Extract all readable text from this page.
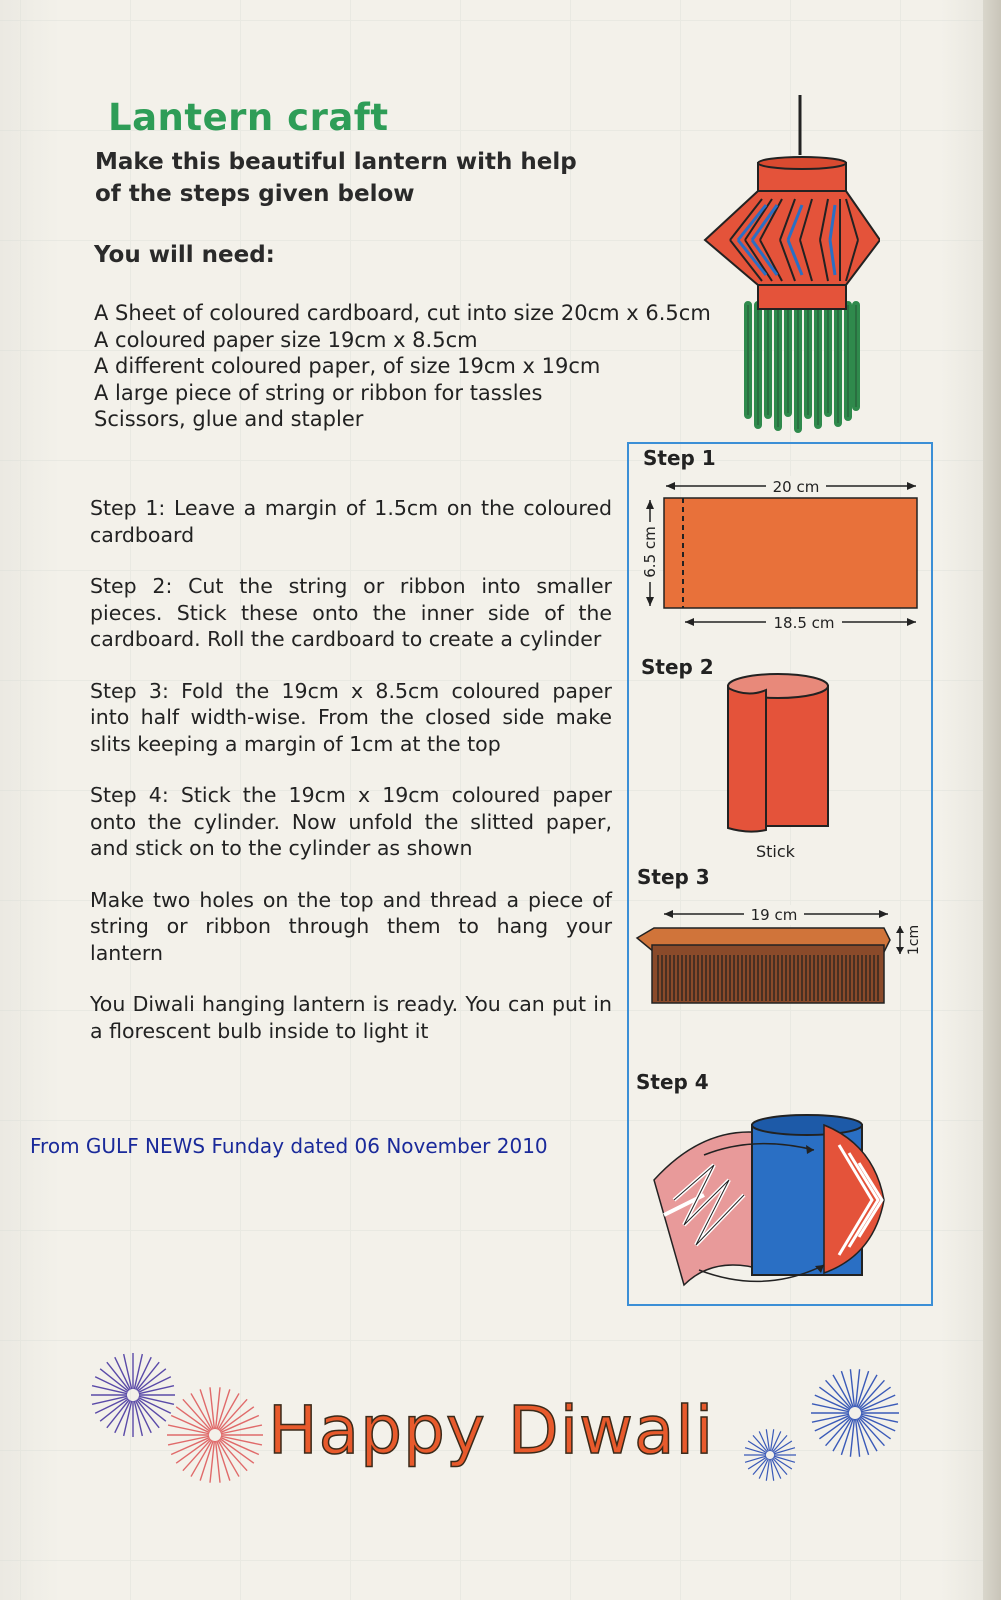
Lantern craft
Make this beautiful lantern with help
of the steps given below
You will need:
A Sheet of coloured cardboard, cut into size 20cm x 6.5cm
A coloured paper size 19cm x 8.5cm
A different coloured paper, of size 19cm x 19cm
A large piece of string or ribbon for tassles
Scissors, glue and stapler

Step 1: Leave a margin of 1.5cm on the coloured cardboard

Step 2: Cut the string or ribbon into smaller pieces. Stick these onto the inner side of the cardboard. Roll the cardboard to create a cylinder

Step 3: Fold the 19cm x 8.5cm coloured paper into half width-wise. From the closed side make slits keeping a margin of 1cm at the top

Step 4: Stick the 19cm x 19cm coloured paper onto the cylinder. Now unfold the slitted paper, and stick on to the cylinder as shown

Make two holes on the top and thread a piece of string or ribbon through them to hang your lantern

You Diwali hanging lantern is ready. You can put in a florescent bulb inside to light it

From GULF NEWS Funday dated 06 November 2010
Step 1
20 cm
6.5 cm
18.5 cm
Step 2
Stick
Step 3
19 cm
1cm
Step 4
Happy Diwali
